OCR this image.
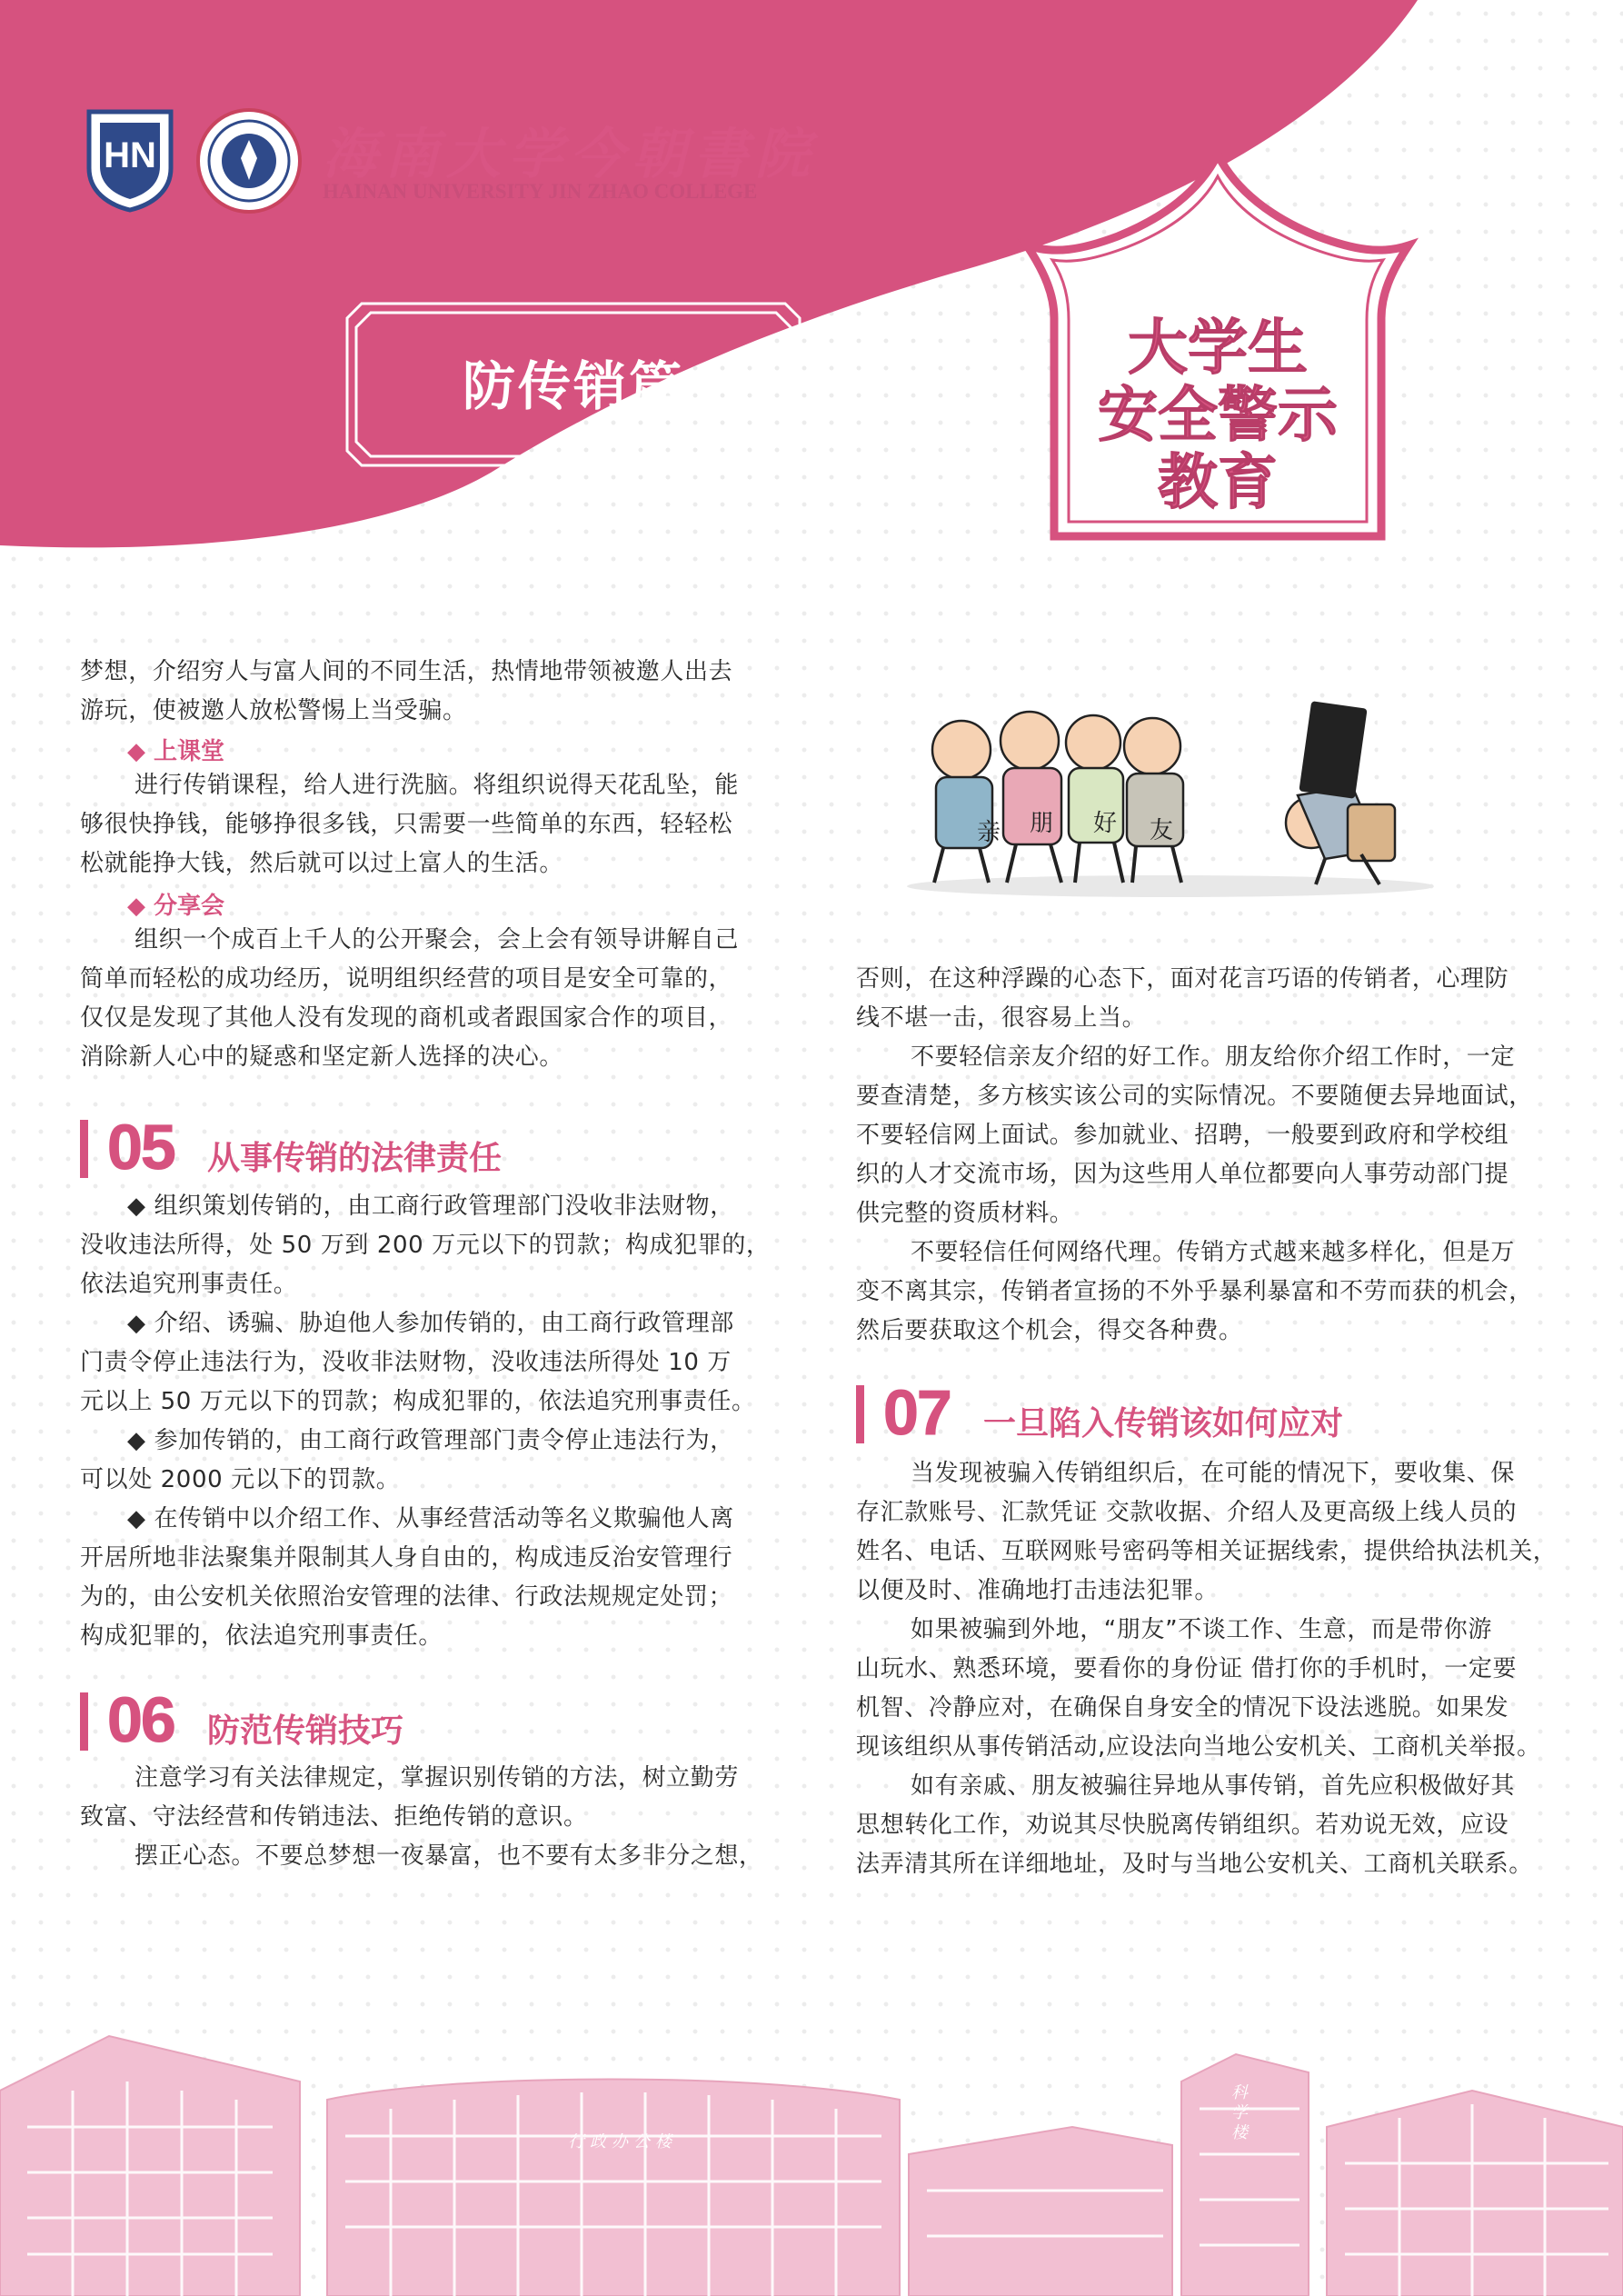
HN	海南大学今朝書院
HAINAN UNIVERSITY JIN ZHAO COLLEGE
防传销篇
大学生
安全警示
教育
梦想，介绍穷人与富人间的不同生活，热情地带领被邀人出去
游玩，使被邀人放松警惕上当受骗。
◆ 上课堂
进行传销课程，给人进行洗脑。将组织说得天花乱坠，能
够很快挣钱，能够挣很多钱，只需要一些简单的东西，轻轻松
松就能挣大钱，然后就可以过上富人的生活。
◆ 分享会
组织一个成百上千人的公开聚会，会上会有领导讲解自己
简单而轻松的成功经历，说明组织经营的项目是安全可靠的，
仅仅是发现了其他人没有发现的商机或者跟国家合作的项目，
消除新人心中的疑惑和坚定新人选择的决心。
05 从事传销的法律责任
◆ 组织策划传销的，由工商行政管理部门没收非法财物，
没收违法所得，处 50 万到 200 万元以下的罚款；构成犯罪的，
依法追究刑事责任。
◆ 介绍、诱骗、胁迫他人参加传销的，由工商行政管理部
门责令停止违法行为，没收非法财物，没收违法所得处 10 万
元以上 50 万元以下的罚款；构成犯罪的，依法追究刑事责任。
◆ 参加传销的，由工商行政管理部门责令停止违法行为，
可以处 2000 元以下的罚款。
◆ 在传销中以介绍工作、从事经营活动等名义欺骗他人离
开居所地非法聚集并限制其人身自由的，构成违反治安管理行
为的，由公安机关依照治安管理的法律、行政法规规定处罚；
构成犯罪的，依法追究刑事责任。
06 防范传销技巧
注意学习有关法律规定，掌握识别传销的方法，树立勤劳
致富、守法经营和传销违法、拒绝传销的意识。
摆正心态。不要总梦想一夜暴富，也不要有太多非分之想，
传销
亲 朋 好 友
否则，在这种浮躁的心态下，面对花言巧语的传销者，心理防
线不堪一击，很容易上当。
不要轻信亲友介绍的好工作。朋友给你介绍工作时，一定
要查清楚，多方核实该公司的实际情况。不要随便去异地面试，
不要轻信网上面试。参加就业、招聘，一般要到政府和学校组
织的人才交流市场，因为这些用人单位都要向人事劳动部门提
供完整的资质材料。
不要轻信任何网络代理。传销方式越来越多样化，但是万
变不离其宗，传销者宣扬的不外乎暴利暴富和不劳而获的机会，
然后要获取这个机会，得交各种费。
07 一旦陷入传销该如何应对
当发现被骗入传销组织后，在可能的情况下，要收集、保
存汇款账号、汇款凭证 交款收据、介绍人及更高级上线人员的
姓名、电话、互联网账号密码等相关证据线索，提供给执法机关，
以便及时、准确地打击违法犯罪。
如果被骗到外地，“朋友”不谈工作、生意，而是带你游
山玩水、熟悉环境，要看你的身份证 借打你的手机时，一定要
机智、冷静应对，在确保自身安全的情况下设法逃脱。如果发
现该组织从事传销活动,应设法向当地公安机关、工商机关举报。
如有亲戚、朋友被骗往异地从事传销，首先应积极做好其
思想转化工作，劝说其尽快脱离传销组织。若劝说无效，应设
法弄清其所在详细地址，及时与当地公安机关、工商机关联系。
行政办公楼
科学楼
